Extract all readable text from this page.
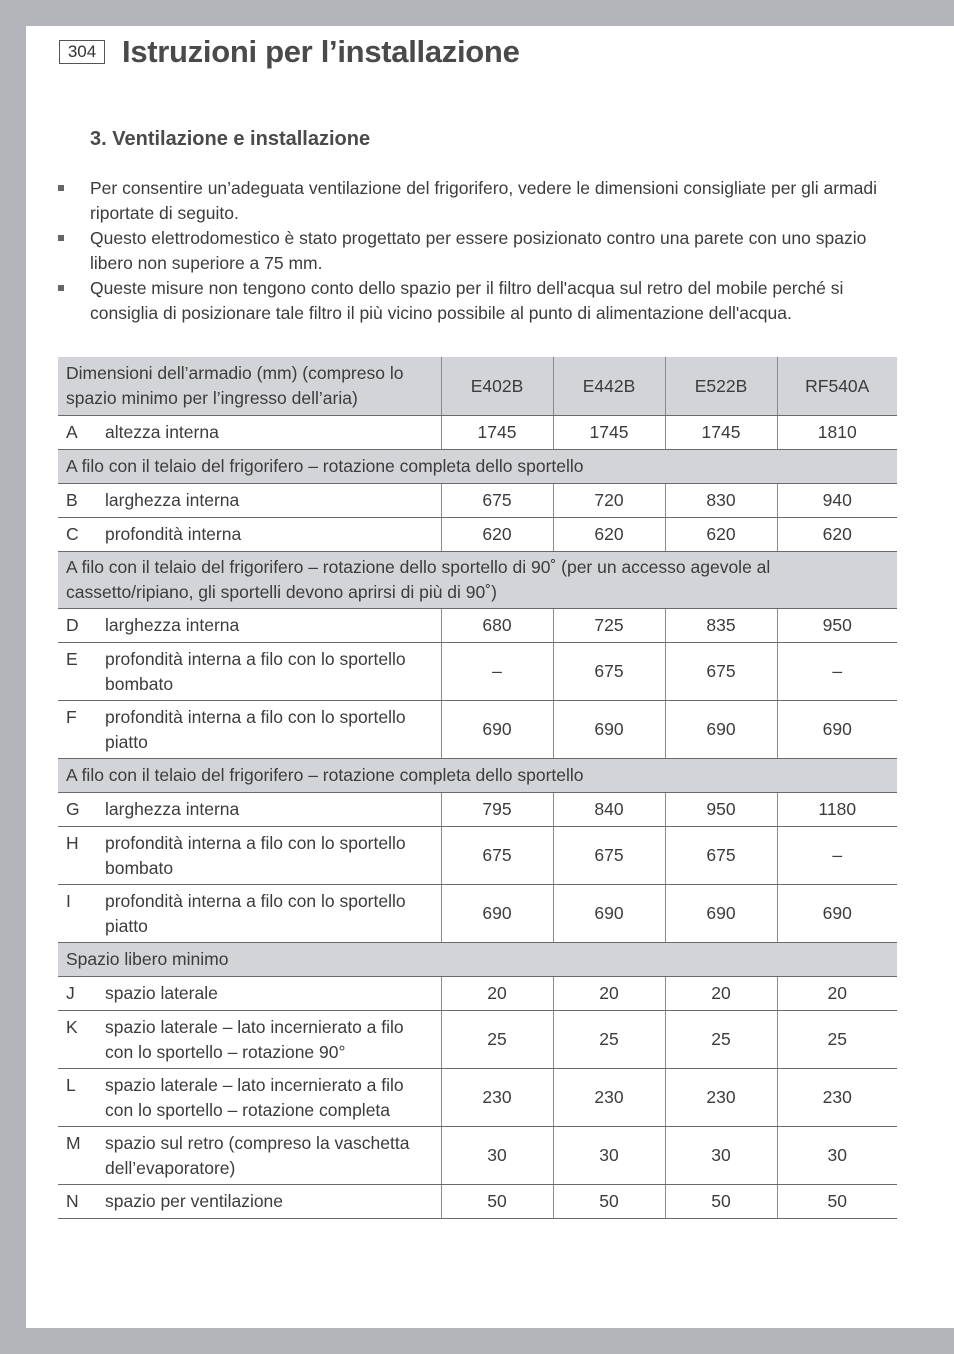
304 Istruzioni per l’installazione
3. Ventilazione e installazione
Per consentire un’adeguata ventilazione del frigorifero, vedere le dimensioni consigliate per gli armadi riportate di seguito.
Questo elettrodomestico è stato progettato per essere posizionato contro una parete con uno spazio libero non superiore a 75 mm.
Queste misure non tengono conto dello spazio per il filtro dell'acqua sul retro del mobile perché si consiglia di posizionare tale filtro il più vicino possibile al punto di alimentazione dell'acqua.
Dimensioni dell’armadio (mm) (compreso lo spazio minimo per l’ingresso dell’aria)	E402B	E442B	E522B	RF540A

A altezza interna	1745	1745	1745	1810
A filo con il telaio del frigorifero – rotazione completa dello sportello				

B larghezza interna	675	720	830	940

C profondità interna	620	620	620	620
A filo con il telaio del frigorifero – rotazione dello sportello di 90˚ (per un accesso agevole al cassetto/ripiano, gli sportelli devono aprirsi di più di 90˚)				

D larghezza interna	680	725	835	950

E profondità interna a filo con lo sportello bombato	–	675	675	–

F profondità interna a filo con lo sportello piatto	690	690	690	690
A filo con il telaio del frigorifero – rotazione completa dello sportello				

G larghezza interna	795	840	950	1180

H profondità interna a filo con lo sportello bombato	675	675	675	–

I profondità interna a filo con lo sportello piatto	690	690	690	690
Spazio libero minimo				

J spazio laterale	20	20	20	20

K spazio laterale – lato incernierato a filo con lo sportello – rotazione 90°	25	25	25	25

L spazio laterale – lato incernierato a filo con lo sportello – rotazione completa	230	230	230	230

M spazio sul retro (compreso la vaschetta dell’evaporatore)	30	30	30	30

N spazio per ventilazione	50	50	50	50
